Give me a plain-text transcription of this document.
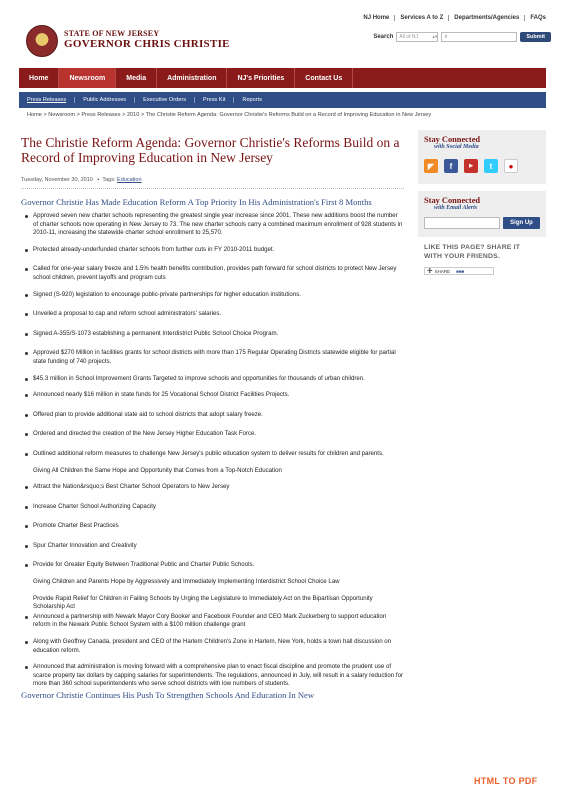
NJ Home	Services A to Z	Departments/Agencies	FAQs
STATE OF NEW JERSEY
GOVERNOR CHRIS CHRISTIE
Search All of NJ	▴▾ ⌕	Submit
Home	Newsroom	Media	Administration	NJ's Priorities	Contact Us
Press Releases	Public Addresses	Executive Orders	Press Kit	Reports
Home > Newsroom > Press Releases > 2010 > The Christie Reform Agenda: Governor Christie's Reforms Build on a Record of Improving Education in New Jersey
The Christie Reform Agenda: Governor Christie's Reforms Build on a Record of Improving Education in New Jersey
Tuesday, November 30, 2010   ▪  Tags: Education
Governor Christie Has Made Education Reform A Top Priority In His Administration's First 8 Months
Approved seven new charter schools representing the greatest single year increase since 2001. These new additions boost the number of charter schools now operating in New Jersey to 73. The new charter schools carry a combined maximum enrollment of 928 students in 2010-11, increasing the statewide charter school enrollment to 25,570.
Protected already-underfunded charter schools from further cuts in FY 2010-2011 budget.
Called for one-year salary freeze and 1.5% health benefits contribution, provides path forward for school districts to protect New Jersey school children, prevent layoffs and program cuts
Signed (S-920) legislation to encourage public-private partnerships for higher education institutions.
Unveiled a proposal to cap and reform school administrators' salaries.
Signed A-355/S-1073 establishing a permanent Interdistrict Public School Choice Program.
Approved $270 Million in facilities grants for school districts with more than 175 Regular Operating Districts statewide eligible for partial state funding of 740 projects.
$45.3 million in School Improvement Grants Targeted to improve schools and opportunities for thousands of urban children.
Announced nearly $16 million in state funds for 25 Vocational School District Facilities Projects.
Offered plan to provide additional state aid to school districts that adopt salary freeze.
Ordered and directed the creation of the New Jersey Higher Education Task Force.
Outlined additional reform measures to challenge New Jersey's public education system to deliver results for children and parents.
Giving All Children the Same Hope and Opportunity that Comes from a Top-Notch Education
Attract the Nation&rsquo;s Best Charter School Operators to New Jersey
Increase Charter School Authorizing Capacity
Promote Charter Best Practices
Spur Charter Innovation and Creativity
Provide for Greater Equity Between Traditional Public and Charter Public Schools.
Giving Children and Parents Hope by Aggressively and Immediately Implementing Interdistrict School Choice Law
Provide Rapid Relief for Children in Failing Schools by Urging the Legislature to Immediately Act on the Bipartisan Opportunity Scholarship Act
Announced a partnership with Newark Mayor Cory Booker and Facebook Founder and CEO Mark Zuckerberg to support education reform in the Newark Public School System with a $100 million challenge grant
Along with Geoffrey Canada, president and CEO of the Harlem Children's Zone in Harlem, New York, holds a town hall discussion on education reform.
Announced that administration is moving forward with a comprehensive plan to enact fiscal discipline and promote the prudent use of scarce property tax dollars by capping salaries for superintendents. The regulations, announced in July, will result in a salary reduction for more than 360 school superintendents who serve school districts with low numbers of students.
Governor Christie Continues His Push To Strengthen Schools And Education In New
Stay Connected
with Social Media
◤	f	▶	t	●
Stay Connected
with Email Alerts
Sign Up
LIKE THIS PAGE? SHARE IT WITH YOUR FRIENDS.
➕ SHARE ■■■
HTML TO PDF
